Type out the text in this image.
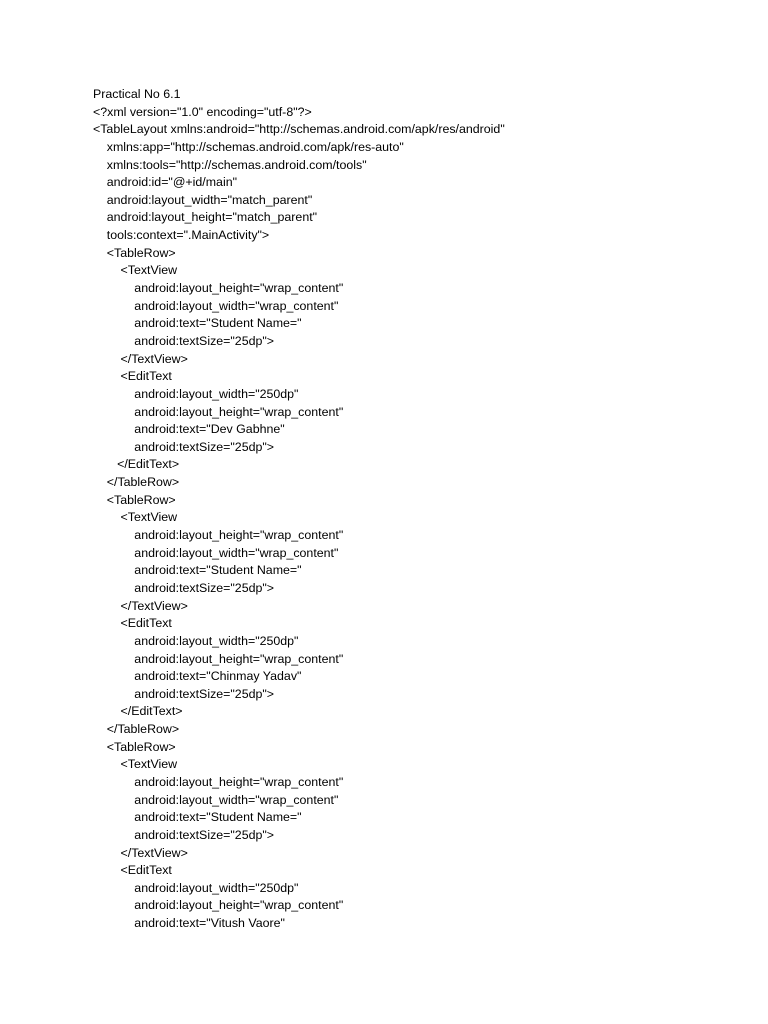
Practical No 6.1
<?xml version="1.0" encoding="utf-8"?>
<TableLayout xmlns:android="http://schemas.android.com/apk/res/android"
xmlns:app="http://schemas.android.com/apk/res-auto"
xmlns:tools="http://schemas.android.com/tools"
android:id="@+id/main"
android:layout_width="match_parent"
android:layout_height="match_parent"
tools:context=".MainActivity">
<TableRow>
<TextView
android:layout_height="wrap_content"
android:layout_width="wrap_content"
android:text="Student Name="
android:textSize="25dp">
</TextView>
<EditText
android:layout_width="250dp"
android:layout_height="wrap_content"
android:text="Dev Gabhne"
android:textSize="25dp">
</EditText>
</TableRow>
<TableRow>
<TextView
android:layout_height="wrap_content"
android:layout_width="wrap_content"
android:text="Student Name="
android:textSize="25dp">
</TextView>
<EditText
android:layout_width="250dp"
android:layout_height="wrap_content"
android:text="Chinmay Yadav"
android:textSize="25dp">
</EditText>
</TableRow>
<TableRow>
<TextView
android:layout_height="wrap_content"
android:layout_width="wrap_content"
android:text="Student Name="
android:textSize="25dp">
</TextView>
<EditText
android:layout_width="250dp"
android:layout_height="wrap_content"
android:text="Vitush Vaore"
